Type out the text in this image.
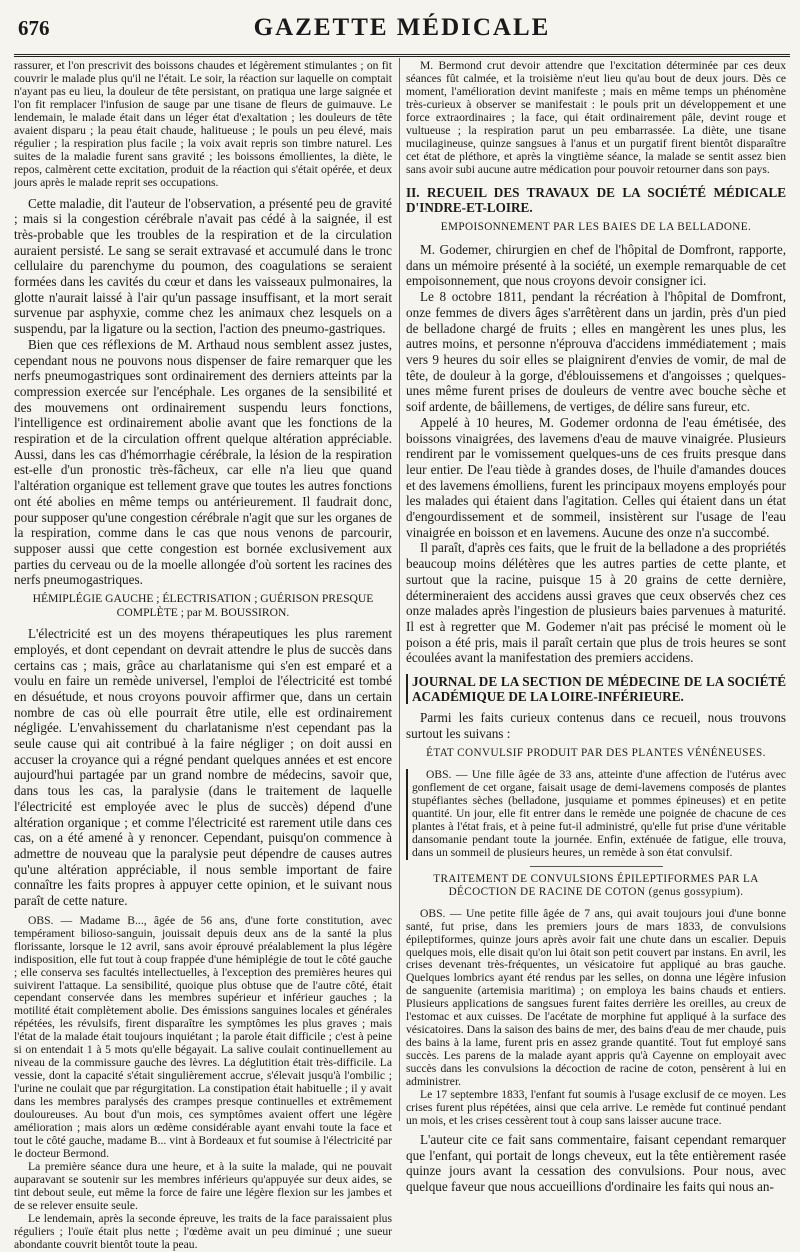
676	GAZETTE MÉDICALE

rassurer, et l'on prescrivit des boissons chaudes et légèrement stimulantes ; on fit couvrir le malade plus qu'il ne l'était. Le soir, la réaction sur laquelle on comptait n'ayant pas eu lieu, la douleur de tête persistant, on pratiqua une large saignée et l'on fit remplacer l'infusion de sauge par une tisane de fleurs de guimauve. Le lendemain, le malade était dans un léger état d'exaltation ; les douleurs de tête avaient disparu ; la peau était chaude, halitueuse ; le pouls un peu élevé, mais régulier ; la respiration plus facile ; la voix avait repris son timbre naturel. Les suites de la maladie furent sans gravité ; les boissons émollientes, la diète, le repos, calmèrent cette excitation, produit de la réaction qui s'était opérée, et deux jours après le malade reprit ses occupations.

Cette maladie, dit l'auteur de l'observation, a présenté peu de gravité ; mais si la congestion cérébrale n'avait pas cédé à la saignée, il est très-probable que les troubles de la respiration et de la circulation auraient persisté. Le sang se serait extravasé et accumulé dans le tronc cellulaire du parenchyme du poumon, des coagulations se seraient formées dans les cavités du cœur et dans les vaisseaux pulmonaires, la glotte n'aurait laissé à l'air qu'un passage insuffisant, et la mort serait survenue par asphyxie, comme chez les animaux chez lesquels on a suspendu, par la ligature ou la section, l'action des pneumo-gastriques.

Bien que ces réflexions de M. Arthaud nous semblent assez justes, cependant nous ne pouvons nous dispenser de faire remarquer que les nerfs pneumogastriques sont ordinairement des derniers atteints par la compression exercée sur l'encéphale. Les organes de la sensibilité et des mouvemens ont ordinairement suspendu leurs fonctions, l'intelligence est ordinairement abolie avant que les fonctions de la respiration et de la circulation offrent quelque altération appréciable. Aussi, dans les cas d'hémorrhagie cérébrale, la lésion de la respiration est-elle d'un pronostic très-fâcheux, car elle n'a lieu que quand l'altération organique est tellement grave que toutes les autres fonctions ont été abolies en même temps ou antérieurement. Il faudrait donc, pour supposer qu'une congestion cérébrale n'agit que sur les organes de la respiration, comme dans le cas que nous venons de parcourir, supposer aussi que cette congestion est bornée exclusivement aux parties du cerveau ou de la moelle allongée d'où sortent les racines des nerfs pneumogastriques.

HÉMIPLÉGIE GAUCHE ; ÉLECTRISATION ; GUÉRISON PRESQUE COMPLÈTE ; par M. BOUSSIRON.

L'électricité est un des moyens thérapeutiques les plus rarement employés, et dont cependant on devrait attendre le plus de succès dans certains cas ; mais, grâce au charlatanisme qui s'en est emparé et a voulu en faire un remède universel, l'emploi de l'électricité est tombé en désuétude, et nous croyons pouvoir affirmer que, dans un certain nombre de cas où elle pourrait être utile, elle est ordinairement négligée. L'envahissement du charlatanisme n'est cependant pas la seule cause qui ait contribué à la faire négliger ; on doit aussi en accuser la croyance qui a régné pendant quelques années et est encore aujourd'hui partagée par un grand nombre de médecins, savoir que, dans tous les cas, la paralysie (dans le traitement de laquelle l'électricité est employée avec le plus de succès) dépend d'une altération organique ; et comme l'électricité est rarement utile dans ces cas, on a été amené à y renoncer. Cependant, puisqu'on commence à admettre de nouveau que la paralysie peut dépendre de causes autres qu'une altération appréciable, il nous semble important de faire connaître les faits propres à appuyer cette opinion, et le suivant nous paraît de cette nature.

OBS. — Madame B..., âgée de 56 ans, d'une forte constitution, avec tempérament bilioso-sanguin, jouissait depuis deux ans de la santé la plus florissante, lorsque le 12 avril, sans avoir éprouvé préalablement la plus légère indisposition, elle fut tout à coup frappée d'une hémiplégie de tout le côté gauche ; elle conserva ses facultés intellectuelles, à l'exception des premières heures qui suivirent l'attaque. La sensibilité, quoique plus obtuse que de l'autre côté, était cependant conservée dans les membres supérieur et inférieur gauches ; la motilité était complètement abolie. Des émissions sanguines locales et générales répétées, les révulsifs, firent disparaître les symptômes les plus graves ; mais l'état de la malade était toujours inquiétant ; la parole était difficile ; c'est à peine si on entendait 1 à 5 mots qu'elle bégayait. La salive coulait continuellement au niveau de la commissure gauche des lèvres. La déglutition était très-difficile. La vessie, dont la capacité s'était singulièrement accrue, s'élevait jusqu'à l'ombilic ; l'urine ne coulait que par régurgitation. La constipation était habituelle ; il y avait dans les membres paralysés des crampes presque continuelles et extrêmement douloureuses. Au bout d'un mois, ces symptômes avaient offert une légère amélioration ; mais alors un œdème considérable ayant envahi toute la face et tout le côté gauche, madame B... vint à Bordeaux et fut soumise à l'électricité par le docteur Bermond.

La première séance dura une heure, et à la suite la malade, qui ne pouvait auparavant se soutenir sur les membres inférieurs qu'appuyée sur deux aides, se tint debout seule, eut même la force de faire une légère flexion sur les jambes et de se relever ensuite seule.

Le lendemain, après la seconde épreuve, les traits de la face paraissaient plus réguliers ; l'ouïe était plus nette ; l'œdème avait un peu diminué ; une sueur abondante couvrit bientôt toute la peau.

M. Bermond crut devoir attendre que l'excitation déterminée par ces deux séances fût calmée, et la troisième n'eut lieu qu'au bout de deux jours. Dès ce moment, l'amélioration devint manifeste ; mais en même temps un phénomène très-curieux à observer se manifestait : le pouls prit un développement et une force extraordinaires ; la face, qui était ordinairement pâle, devint rouge et vultueuse ; la respiration parut un peu embarrassée. La diète, une tisane mucilagineuse, quinze sangsues à l'anus et un purgatif firent bientôt disparaître cet état de pléthore, et après la vingtième séance, la malade se sentit assez bien sans avoir subi aucune autre médication pour pouvoir retourner dans son pays.

II. RECUEIL DES TRAVAUX DE LA SOCIÉTÉ MÉDICALE D'INDRE-ET-LOIRE.
EMPOISONNEMENT PAR LES BAIES DE LA BELLADONE.

M. Godemer, chirurgien en chef de l'hôpital de Domfront, rapporte, dans un mémoire présenté à la société, un exemple remarquable de cet empoisonnement, que nous croyons devoir consigner ici.

Le 8 octobre 1811, pendant la récréation à l'hôpital de Domfront, onze femmes de divers âges s'arrêtèrent dans un jardin, près d'un pied de belladone chargé de fruits ; elles en mangèrent les unes plus, les autres moins, et personne n'éprouva d'accidens immédiatement ; mais vers 9 heures du soir elles se plaignirent d'envies de vomir, de mal de tête, de douleur à la gorge, d'éblouissemens et d'angoisses ; quelques-unes même furent prises de douleurs de ventre avec bouche sèche et soif ardente, de bâillemens, de vertiges, de délire sans fureur, etc.

Appelé à 10 heures, M. Godemer ordonna de l'eau émétisée, des boissons vinaigrées, des lavemens d'eau de mauve vinaigrée. Plusieurs rendirent par le vomissement quelques-uns de ces fruits presque dans leur entier. De l'eau tiède à grandes doses, de l'huile d'amandes douces et des lavemens émolliens, furent les principaux moyens employés pour les malades qui étaient dans l'agitation. Celles qui étaient dans un état d'engourdissement et de sommeil, insistèrent sur l'usage de l'eau vinaigrée en boisson et en lavemens. Aucune des onze n'a succombé.

Il paraît, d'après ces faits, que le fruit de la belladone a des propriétés beaucoup moins délétères que les autres parties de cette plante, et surtout que la racine, puisque 15 à 20 grains de cette dernière, détermineraient des accidens aussi graves que ceux observés chez ces onze malades après l'ingestion de plusieurs baies parvenues à maturité. Il est à regretter que M. Godemer n'ait pas précisé le moment où le poison a été pris, mais il paraît certain que plus de trois heures se sont écoulées avant la manifestation des premiers accidens.

JOURNAL DE LA SECTION DE MÉDECINE DE LA SOCIÉTÉ ACADÉMIQUE DE LA LOIRE-INFÉRIEURE.

Parmi les faits curieux contenus dans ce recueil, nous trouvons surtout les suivans :

ÉTAT CONVULSIF PRODUIT PAR DES PLANTES VÉNÉNEUSES.

OBS. — Une fille âgée de 33 ans, atteinte d'une affection de l'utérus avec gonflement de cet organe, faisait usage de demi-lavemens composés de plantes stupéfiantes sèches (belladone, jusquiame et pommes épineuses) et en petite quantité. Un jour, elle fit entrer dans le remède une poignée de chacune de ces plantes à l'état frais, et à peine fut-il administré, qu'elle fut prise d'une véritable dansomanie pendant toute la journée. Enfin, exténuée de fatigue, elle trouva, dans un sommeil de plusieurs heures, un remède à son état convulsif.

TRAITEMENT DE CONVULSIONS ÉPILEPTIFORMES PAR LA DÉCOCTION DE RACINE DE COTON (genus gossypium).

OBS. — Une petite fille âgée de 7 ans, qui avait toujours joui d'une bonne santé, fut prise, dans les premiers jours de mars 1833, de convulsions épileptiformes, quinze jours après avoir fait une chute dans un escalier. Depuis quelques mois, elle disait qu'on lui ôtait son petit couvert par instans. En avril, les crises devenant très-fréquentes, un vésicatoire fut appliqué au bras gauche. Quelques lombrics ayant été rendus par les selles, on donna une légère infusion de sanguenite (artemisia maritima) ; on employa les bains chauds et entiers. Plusieurs applications de sangsues furent faites derrière les oreilles, au creux de l'estomac et aux cuisses. De l'acétate de morphine fut appliqué à la surface des vésicatoires. Dans la saison des bains de mer, des bains d'eau de mer chaude, puis des bains à la lame, furent pris en assez grande quantité. Tout fut employé sans succès. Les parens de la malade ayant appris qu'à Cayenne on employait avec succès dans les convulsions la décoction de racine de coton, pensèrent à lui en administrer.

Le 17 septembre 1833, l'enfant fut soumis à l'usage exclusif de ce moyen. Les crises furent plus répétées, ainsi que cela arrive. Le remède fut continué pendant un mois, et les crises cessèrent tout à coup sans laisser aucune trace.

L'auteur cite ce fait sans commentaire, faisant cependant remarquer que l'enfant, qui portait de longs cheveux, eut la tête entièrement rasée quinze jours avant la cessation des convulsions. Pour nous, avec quelque faveur que nous accueillions d'ordinaire les faits qui nous an-
